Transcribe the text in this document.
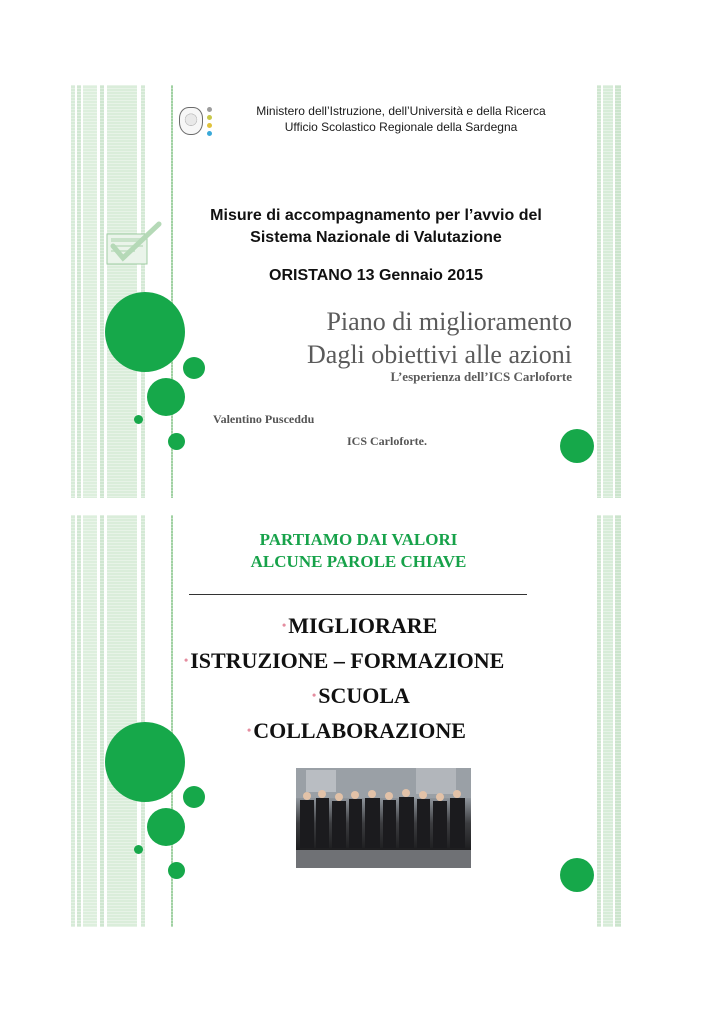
Ministero dell’Istruzione, dell’Università e della Ricerca
Ufficio Scolastico Regionale della Sardegna
Misure di accompagnamento per l’avvio del
Sistema Nazionale di Valutazione
ORISTANO 13 Gennaio 2015
Piano di miglioramento
Dagli obiettivi alle azioni
L’esperienza dell’ICS Carloforte
Valentino Pusceddu
ICS Carloforte.
PARTIAMO DAI VALORI
ALCUNE PAROLE CHIAVE
•MIGLIORARE
•ISTRUZIONE – FORMAZIONE
•SCUOLA
•COLLABORAZIONE
